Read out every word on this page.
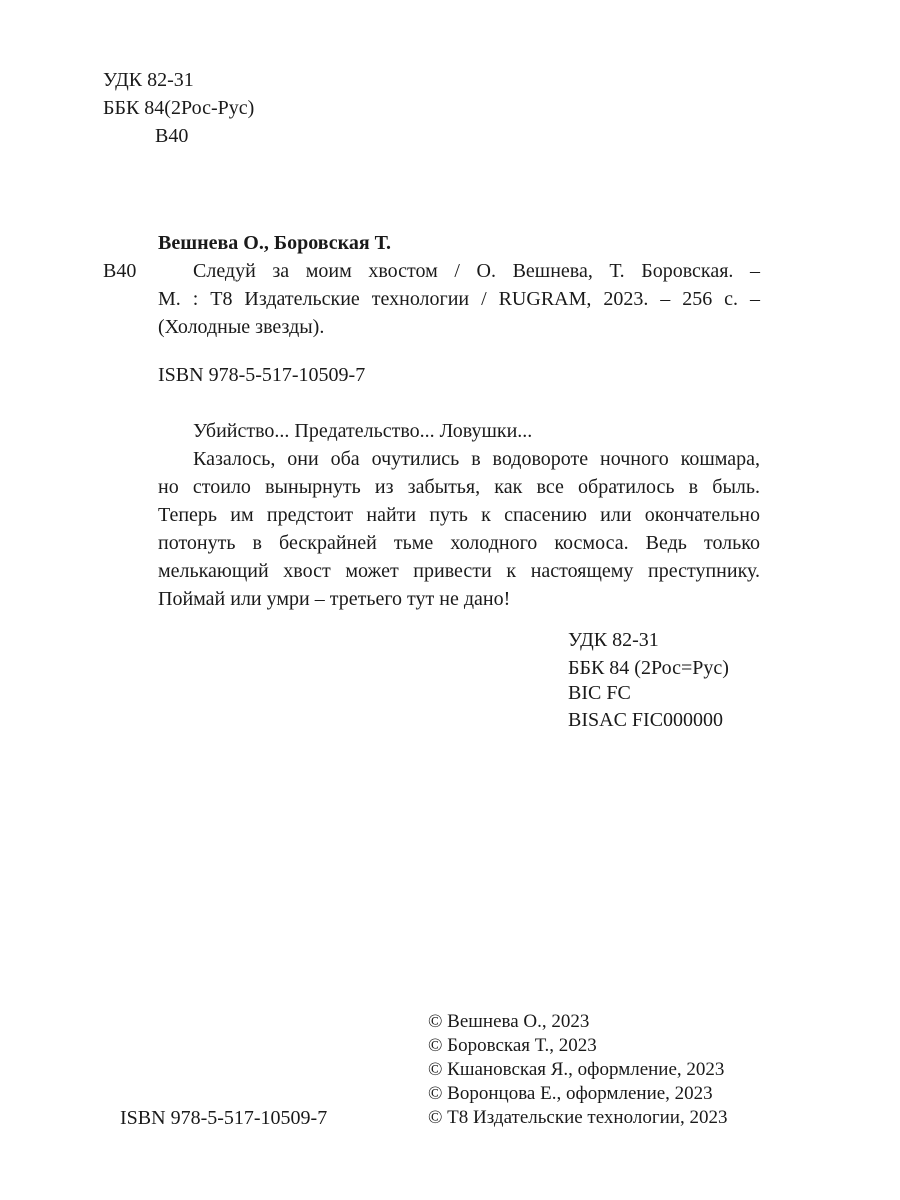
УДК 82-31
ББК 84(2Рос-Рус)
В40
Вешнева О., Боровская Т.
В40	Следуй за моим хвостом / О. Вешнева, Т. Боровская. –
М. : Т8 Издательские технологии / RUGRAM, 2023. – 256 с. –
(Холодные звезды).
ISBN 978-5-517-10509-7
Убийство... Предательство... Ловушки...
Казалось, они оба очутились в водовороте ночного кошмара,
но стоило вынырнуть из забытья, как все обратилось в быль.
Теперь им предстоит найти путь к спасению или окончательно
потонуть в бескрайней тьме холодного космоса. Ведь только
мелькающий хвост может привести к настоящему преступнику.
Поймай или умри – третьего тут не дано!
УДК 82-31
ББК 84 (2Рос=Рус)
BIC FC
BISAC FIC000000
© Вешнева О., 2023
© Боровская Т., 2023
© Кшановская Я., оформление, 2023
© Воронцова Е., оформление, 2023
© Т8 Издательские технологии, 2023
ISBN 978-5-517-10509-7
